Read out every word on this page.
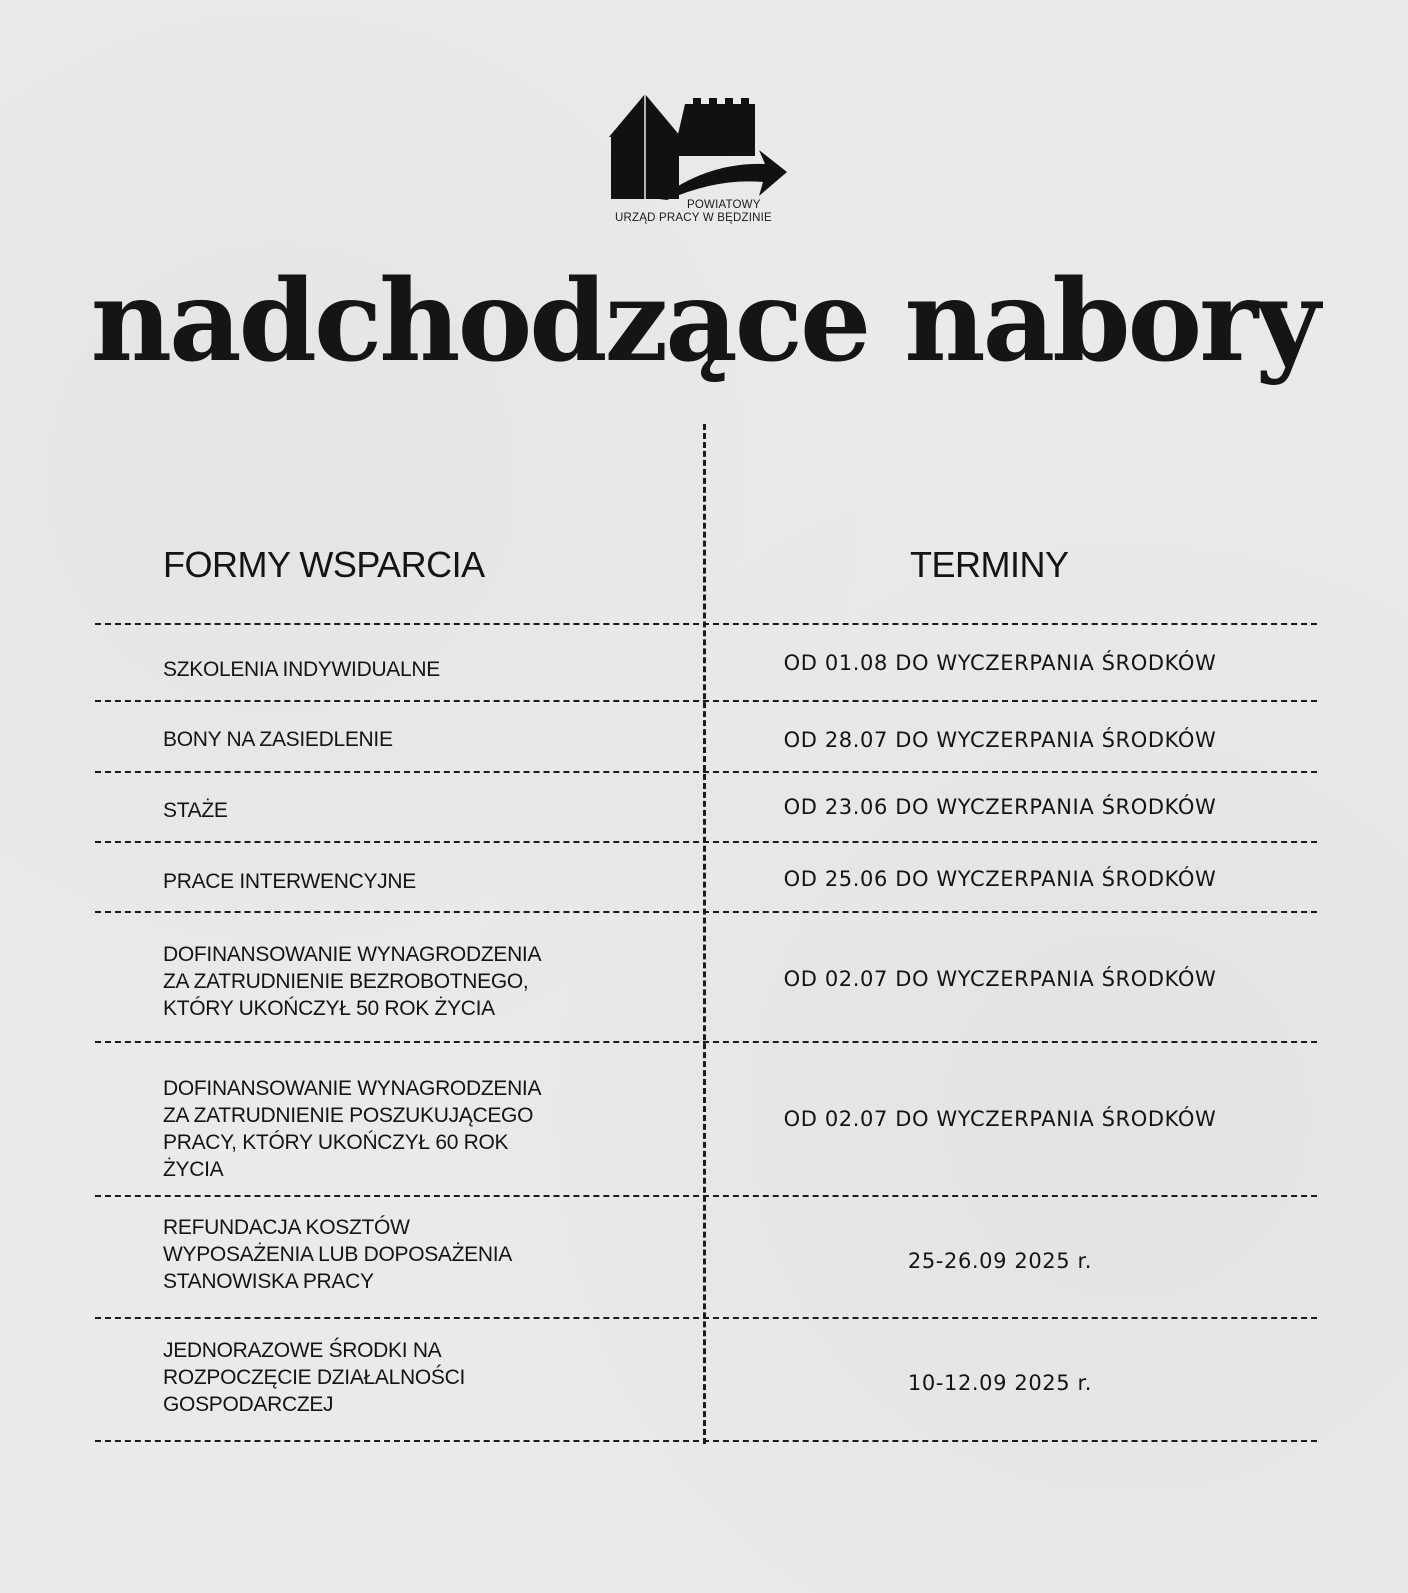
POWIATOWY
URZĄD PRACY W BĘDZINIE
nadchodzące nabory
FORMY WSPARCIA	TERMINY
SZKOLENIA INDYWIDUALNE	OD 01.08 DO WYCZERPANIA ŚRODKÓW
BONY NA ZASIEDLENIE	OD 28.07 DO WYCZERPANIA ŚRODKÓW
STAŻE	OD 23.06 DO WYCZERPANIA ŚRODKÓW
PRACE INTERWENCYJNE	OD 25.06 DO WYCZERPANIA ŚRODKÓW
DOFINANSOWANIE WYNAGRODZENIA
ZA ZATRUDNIENIE BEZROBOTNEGO,
KTÓRY UKOŃCZYŁ 50 ROK ŻYCIA
OD 02.07 DO WYCZERPANIA ŚRODKÓW
DOFINANSOWANIE WYNAGRODZENIA
ZA ZATRUDNIENIE POSZUKUJĄCEGO
PRACY, KTÓRY UKOŃCZYŁ 60 ROK
ŻYCIA
OD 02.07 DO WYCZERPANIA ŚRODKÓW
REFUNDACJA KOSZTÓW
WYPOSAŻENIA LUB DOPOSAŻENIA
STANOWISKA PRACY
25-26.09 2025 r.
JEDNORAZOWE ŚRODKI NA
ROZPOCZĘCIE DZIAŁALNOŚCI
GOSPODARCZEJ
10-12.09 2025 r.
